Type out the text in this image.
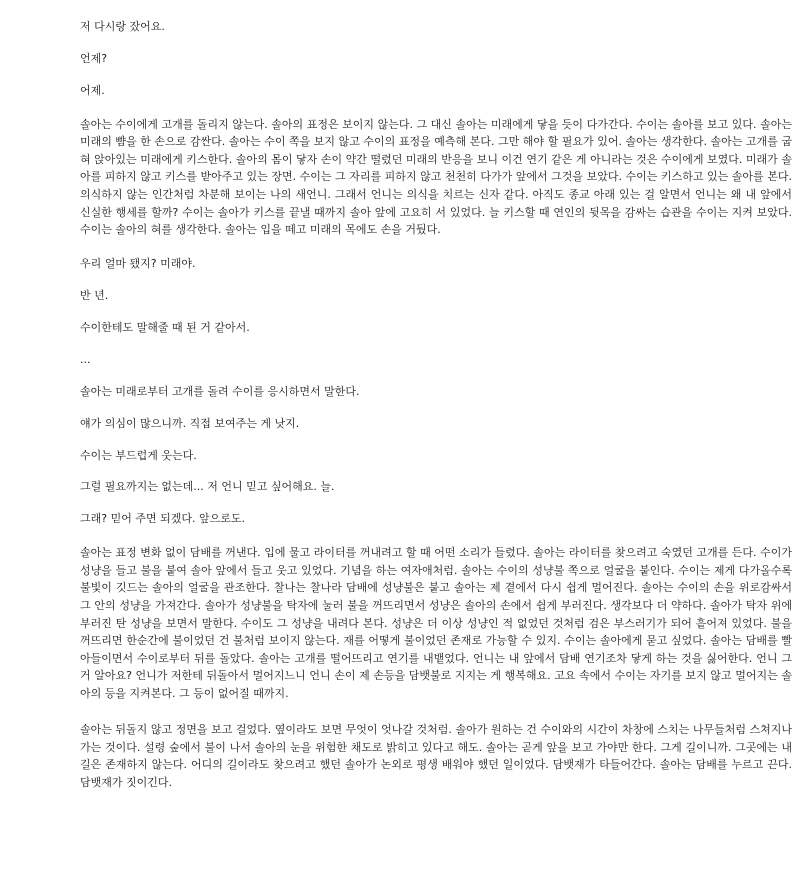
저 다시랑 잤어요.

언제?

어제.

솔아는 수이에게 고개를 돌리지 않는다. 솔아의 표정은 보이지 않는다. 그 대신 솔아는 미래에게 닿을 듯이 다가간다. 수이는 솔아를 보고 있다. 솔아는 미래의 뺨을 한 손으로 감싼다. 솔아는 수이 쪽을 보지 않고 수이의 표정을 예측해 본다. 그만 해야 할 필요가 있어. 솔아는 생각한다. 솔아는 고개를 굽혀 앉아있는 미래에게 키스한다. 솔아의 몸이 닿자 손이 약간 떨렸던 미래의 반응을 보니 이건 연기 같은 게 아니라는 것은 수이에게 보였다. 미래가 솔아를 피하지 않고 키스를 받아주고 있는 장면. 수이는 그 자리를 피하지 않고 천천히 다가가 앞에서 그것을 보았다. 수이는 키스하고 있는 솔아를 본다. 의식하지 않는 인간처럼 차분해 보이는 나의 새언니. 그래서 언니는 의식을 치르는 신자 같다. 아직도 종교 아래 있는 걸 알면서 언니는 왜 내 앞에서 신실한 행세를 할까? 수이는 솔아가 키스를 끝낼 때까지 솔아 앞에 고요히 서 있었다. 늘 키스할 때 연인의 뒷목을 감싸는 습관을 수이는 지켜 보았다. 수이는 솔아의 혀를 생각한다. 솔아는 입을 떼고 미래의 목에도 손을 거뒀다.

우리 얼마 됐지? 미래야.

반 년.

수이한테도 말해줄 때 된 거 같아서.

...

솔아는 미래로부터 고개를 돌려 수이를 응시하면서 말한다.

얘가 의심이 많으니까. 직접 보여주는 게 낫지.

수이는 부드럽게 웃는다.

그럴 필요까지는 없는데... 저 언니 믿고 싶어해요. 늘.

그래? 믿어 주면 되겠다. 앞으로도.

솔아는 표정 변화 없이 담배를 꺼낸다. 입에 물고 라이터를 꺼내려고 할 때 어떤 소리가 들렸다. 솔아는 라이터를 찾으려고 숙였던 고개를 든다. 수이가 성냥을 들고 불을 붙여 솔아 앞에서 들고 웃고 있었다. 기념을 하는 여자애처럼. 솔아는 수이의 성냥불 쪽으로 얼굴을 붙인다. 수이는 제게 다가올수록 불빛이 깃드는 솔아의 얼굴을 관조한다. 찰나는 찰나라 담배에 성냥불은 붙고 솔아는 제 곁에서 다시 쉽게 멀어진다. 솔아는 수이의 손을 위로감싸서 그 안의 성냥을 가져간다. 솔아가 성냥불을 탁자에 눌러 불을 꺼뜨리면서 성냥은 솔아의 손에서 쉽게 부러진다. 생각보다 더 약하다. 솔아가 탁자 위에 부러진 탄 성냥을 보면서 말한다. 수이도 그 성냥을 내려다 본다. 성냥은 더 이상 성냥인 적 없었던 것처럼 검은 부스러기가 되어 흩어져 있었다. 불을 꺼뜨리면 한순간에 불이었던 건 불처럼 보이지 않는다. 재를 어떻게 불이었던 존재로 가능할 수 있지. 수이는 솔아에게 묻고 싶었다. 솔아는 담배를 빨아들이면서 수이로부터 뒤를 돌았다. 솔아는 고개를 떨어뜨리고 연기를 내뱉었다. 언니는 내 앞에서 담배 연기조차 닿게 하는 것을 싫어한다. 언니 그거 알아요? 언니가 저한테 뒤돌아서 멀어지느니 언니 손이 제 손등을 담뱃불로 지지는 게 행복해요. 고요 속에서 수이는 자기를 보지 않고 멀어지는 솔아의 등을 지켜본다. 그 등이 없어질 때까지.

솔아는 뒤돌지 않고 정면을 보고 걸었다. 옆이라도 보면 무엇이 엇나갈 것처럼. 솔아가 원하는 건 수이와의 시간이 차창에 스치는 나무들처럼 스쳐지나가는 것이다. 설령 숲에서 불이 나서 솔아의 눈을 위험한 채도로 밝히고 있다고 해도. 솔아는 곧게 앞을 보고 가야만 한다. 그게 길이니까. 그곳에는 내 길은 존재하지 않는다. 어디의 길이라도 찾으려고 했던 솔아가 논외로 평생 배워야 했던 일이었다. 담뱃재가 타들어간다. 솔아는 담배를 누르고 끈다. 담뱃재가 짓이긴다.
